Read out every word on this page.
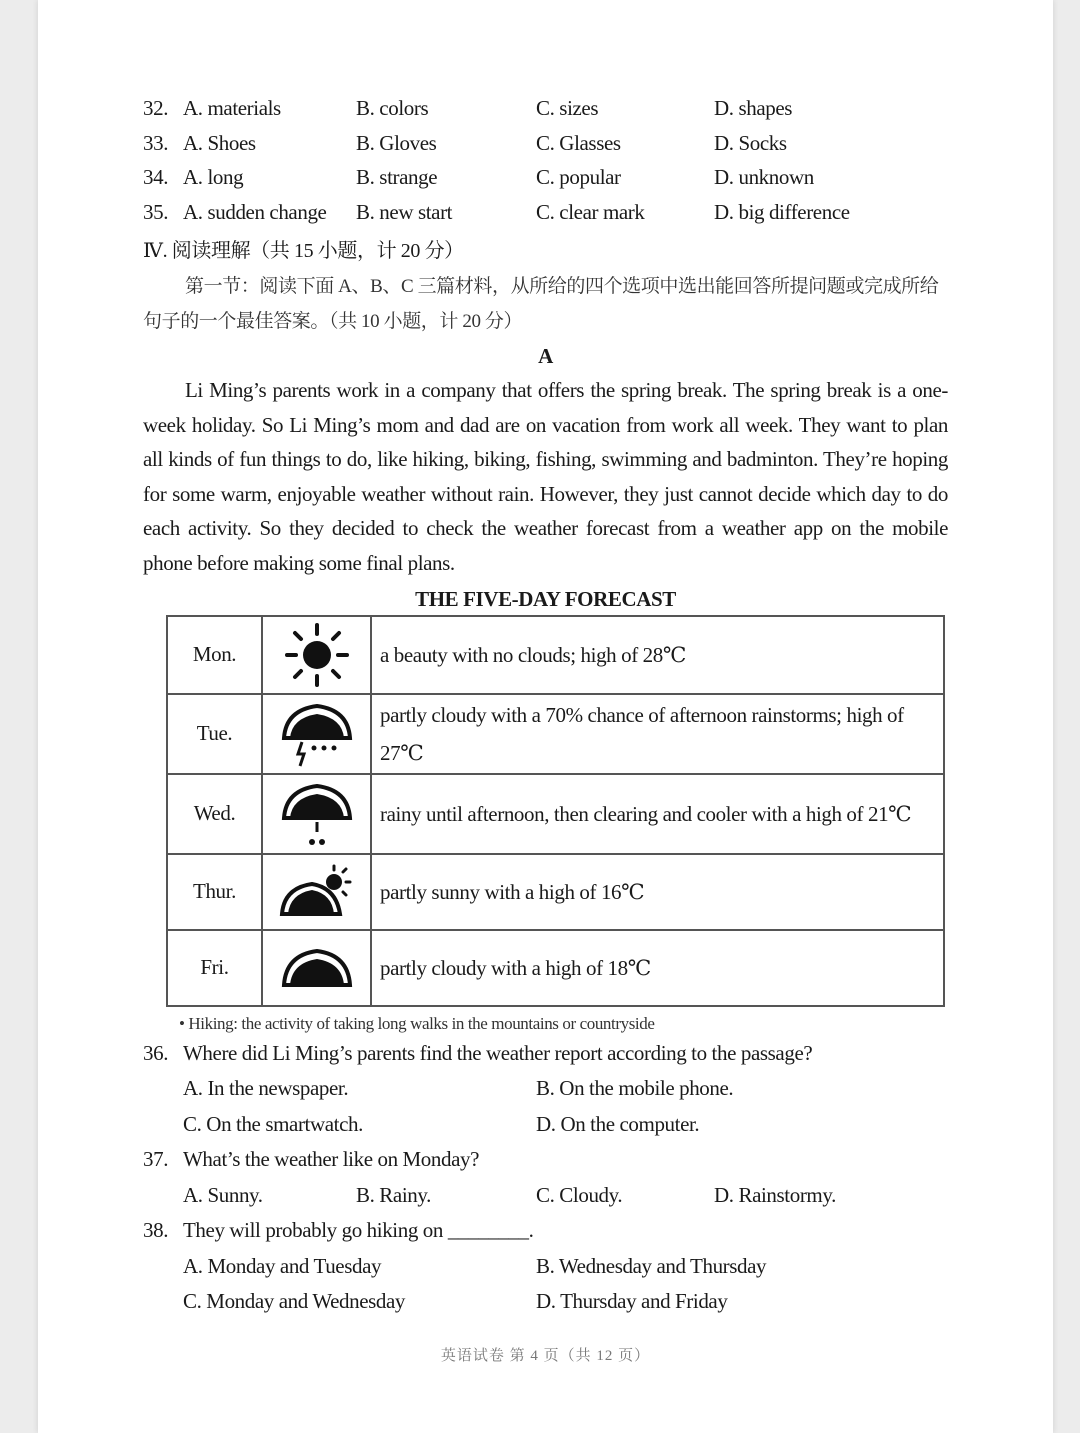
32. A. materials	B. colors	C. sizes	D. shapes
33. A. Shoes	B. Gloves	C. Glasses	D. Socks
34. A. long	B. strange	C. popular	D. unknown
35. A. sudden change B. new start	C. clear mark	D. big difference
Ⅳ. 阅读理解（共 15 小题，计 20 分）
第一节：阅读下面 A、B、C 三篇材料，从所给的四个选项中选出能回答所提问题或完成所给句子的一个最佳答案。（共 10 小题，计 20 分）
A
Li Ming’s parents work in a company that offers the spring break. The spring break is a one-week holiday. So Li Ming’s mom and dad are on vacation from work all week. They want to plan all kinds of fun things to do, like hiking, biking, fishing, swimming and badminton. They’re hoping for some warm, enjoyable weather without rain. However, they just cannot decide which day to do each activity. So they decided to check the weather forecast from a weather app on the mobile phone before making some final plans.
THE FIVE-DAY FORECAST
Mon.		a beauty with no clouds; high of 28℃
Tue.		partly cloudy with a 70% chance of afternoon rainstorms; high of 27℃
Wed.		rainy until afternoon, then clearing and cooler with a high of 21℃
Thur.		partly sunny with a high of 16℃
Fri.		partly cloudy with a high of 18℃
• Hiking: the activity of taking long walks in the mountains or countryside
36. Where did Li Ming’s parents find the weather report according to the passage?
A. In the newspaper.	B. On the mobile phone.
C. On the smartwatch.	D. On the computer.
37. What’s the weather like on Monday?
A. Sunny.	B. Rainy.	C. Cloudy.	D. Rainstormy.
38. They will probably go hiking on ________.
A. Monday and Tuesday	B. Wednesday and Thursday
C. Monday and Wednesday	D. Thursday and Friday
英语试卷 第 4 页（共 12 页）
